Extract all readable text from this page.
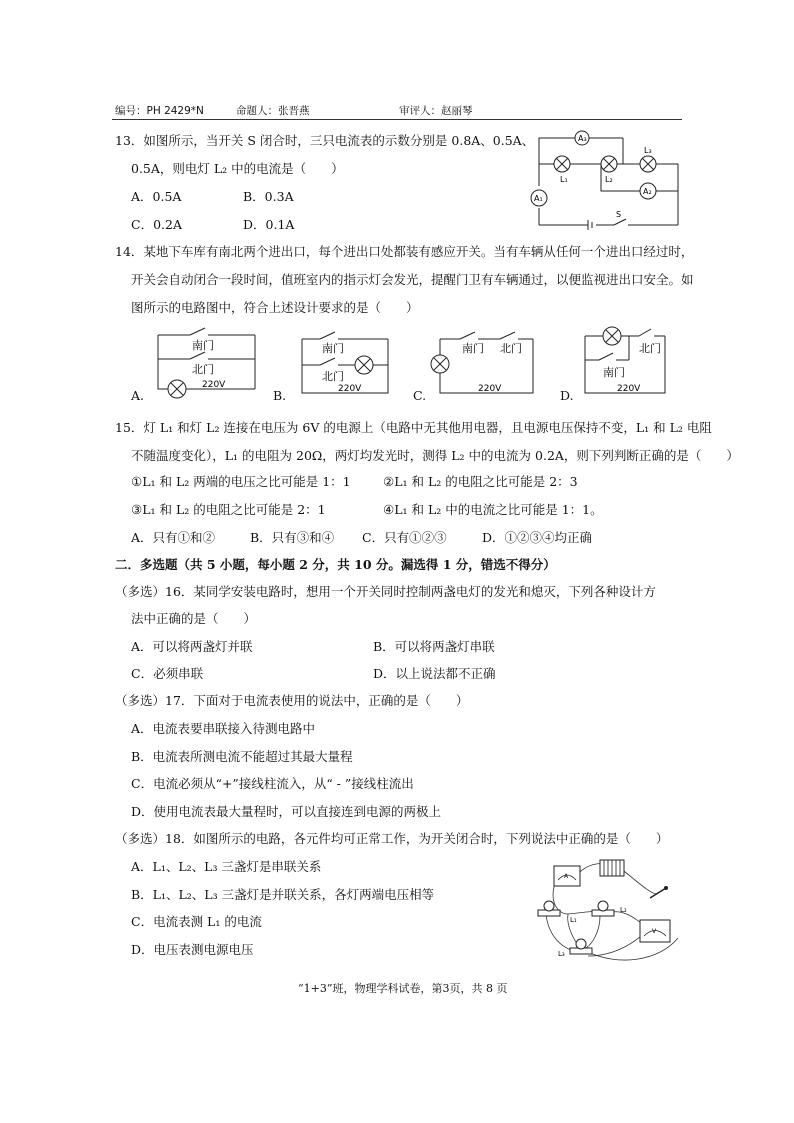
编号：PH 2429*N	命题人：张晋燕	审评人：赵丽琴
13．如图所示，当开关 S 闭合时，三只电流表的示数分别是 0.8A、0.5A、
0.5A，则电灯 L₂ 中的电流是（　　）
A．0.5A	B．0.3A
C．0.2A	D．0.1A
A₃
A₁
A₂
L₁	L₂
L₃
S
14．某地下车库有南北两个进出口，每个进出口处都装有感应开关。当有车辆从任何一个进出口经过时，
开关会自动闭合一段时间，值班室内的指示灯会发光，提醒门卫有车辆通过，以便监视进出口安全。如
图所示的电路图中，符合上述设计要求的是（　　）
南门
北门
220V
A.
南门
北门
220V
B.
南门 北门
220V
C.
北门
南门
220V
D.
15．灯 L₁ 和灯 L₂ 连接在电压为 6V 的电源上（电路中无其他用电器，且电源电压保持不变，L₁ 和 L₂ 电阻
不随温度变化），L₁ 的电阻为 20Ω，两灯均发光时，测得 L₂ 中的电流为 0.2A，则下列判断正确的是（　　）
①L₁ 和 L₂ 两端的电压之比可能是 1：1	②L₁ 和 L₂ 的电阻之比可能是 2：3
③L₁ 和 L₂ 的电阻之比可能是 2：1	④L₁ 和 L₂ 中的电流之比可能是 1：1。
A．只有①和②	B．只有③和④ C．只有①②③	D．①②③④均正确
二．多选题（共 5 小题，每小题 2 分，共 10 分。漏选得 1 分，错选不得分）
（多选）16．某同学安装电路时，想用一个开关同时控制两盏电灯的发光和熄灭，下列各种设计方
法中正确的是（　　）
A．可以将两盏灯并联	B．可以将两盏灯串联
C．必须串联	D．以上说法都不正确
（多选）17．下面对于电流表使用的说法中，正确的是（　　）
A．电流表要串联接入待测电路中
B．电流表所测电流不能超过其最大量程
C．电流必须从“+”接线柱流入，从“ - ”接线柱流出
D．使用电流表最大量程时，可以直接连到电源的两极上
（多选）18．如图所示的电路，各元件均可正常工作，为开关闭合时，下列说法中正确的是（　　）
A．L₁、L₂、L₃ 三盏灯是串联关系
B．L₁、L₂、L₃ 三盏灯是并联关系，各灯两端电压相等
C．电流表测 L₁ 的电流
D．电压表测电源电压
A
V
L₁
L₂
L₃
“1+3”班，物理学科试卷，第3页，共 8 页
